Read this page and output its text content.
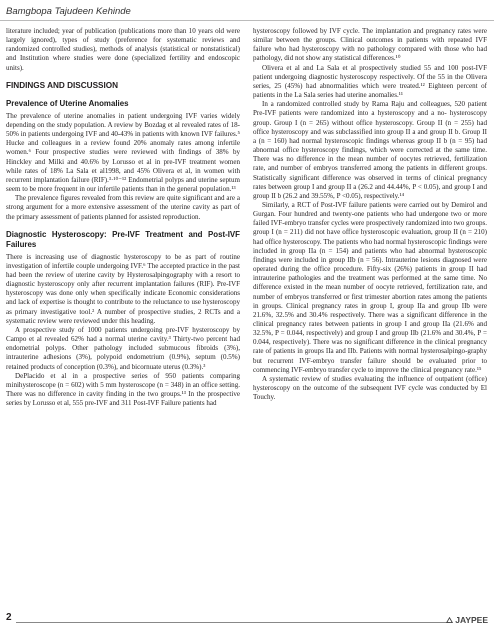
Bamgbopa Tajudeen Kehinde

literature included; year of publication (publications more than 10 years old were largely ignored), types of study (preference for systematic reviews and randomized controlled studies), methods of analysis (statistical or nonstatistical) and Institution where studies were done (specialized fertility and endoscopic units).

FINDINGS AND DISCUSSION
Prevalence of Uterine Anomalies

The prevalence of uterine anomalies in patient undergoing IVF varies widely depending on the study population. A review by Bozdag et al revealed rates of 18-50% in patients undergoing IVF and 40-43% in patients with known IVF failures.⁵ Hucke and colleagues in a review found 20% anomaly rates among infertile women.⁶ Four prospective studies were reviewed with findings of 38% by Hinckley and Milki and 40.6% by Lorusso et al in pre-IVF treatment women while rates of 18% La Sala et al1998, and 45% Olivera et al, in women with recurrent implantation failure (RIF).³·¹⁰⁻¹² Endometrial polyps and uterine septum seem to be more frequent in our infertile patients than in the general population.¹³

The prevalence figures revealed from this review are quite significant and are a strong argument for a more extensive assessment of the uterine cavity as part of the primary assessment of patients planned for assisted reproduction.

Diagnostic Hysteroscopy: Pre-IVF Treatment and Post-IVF Failures

There is increasing use of diagnostic hysteroscopy to be as part of routine investigation of infertile couple undergoing IVF.⁶ The accepted practice in the past had been the review of uterine cavity by Hysterosalpingography with a resort to diagnostic hysteroscopy only after recurrent implantation failures (RIF). Pre-IVF hysteroscopy was done only when specifically indicate Economic considerations and lack of expertise is thought to contribute to the reluctance to use hysteroscopy as primary investigative tool.² A number of prospective studies, 2 RCTs and a systematic review were reviewed under this heading.

A prospective study of 1000 patients undergoing pre-IVF hysteroscopy by Campo et al revealed 62% had a normal uterine cavity.³ Thirty-two percent had endometrial polyps. Other pathology included submucous fibroids (3%), intrauterine adhesions (3%), polypoid endometrium (0.9%), septum (0.5%) retained products of conception (0.3%), and bicornuate uterus (0.3%).³

DePlacido et al in a prospective series of 950 patients comparing minihysteroscope (n = 602) with 5 mm hysteroscope (n = 348) in an office setting. There was no difference in cavity finding in the two groups.¹³ In the prospective series by Lorusso et al, 555 pre-IVF and 311 Post-IVF Failure patients had

hysteroscopy followed by IVF cycle. The implantation and pregnancy rates were similar between the groups. Clinical outcomes in patients with repeated IVF failure who had hysteroscopy with no pathology compared with those who had pathology, did not show any statistical differences.¹⁰

Olivera et al and La Sala et al prospectively studied 55 and 100 post-IVF patient undergoing diagnostic hysteroscopy respectively. Of the 55 in the Olivera series, 25 (45%) had abnormalities which were treated.¹² Eighteen percent of patients in the La Sala series had uterine anomalies.¹¹

In a randomized controlled study by Rama Raju and colleagues, 520 patient Pre-IVF patients were randomized into a hysteroscopy and a no- hysteroscopy group. Group I (n = 265) without office hysteroscopy. Group II (n = 255) had office hysteroscopy and was subclassified into group II a and group II b. Group II a (n = 160) had normal hysteroscopic findings whereas group II b (n = 95) had abnormal office hysteroscopy findings, which were corrected at the same time. There was no difference in the mean number of oocytes retrieved, fertilization rate, and number of embryos transferred among the patients in different groups. Statistically significant difference was observed in terms of clinical pregnancy rates between group I and group II a (26.2 and 44.44%, P < 0.05), and group I and group II b (26.2 and 39.55%, P <0.05), respectively.¹⁴

Similarly, a RCT of Post-IVF failure patients were carried out by Demirol and Gurgan. Four hundred and twenty-one patients who had undergone two or more failed IVF-embryo transfer cycles were prospectively randomized into two groups. group I (n = 211) did not have office hysteroscopic evaluation, group II (n = 210) had office hysteroscopy. The patients who had normal hysteroscopic findings were included in group IIa (n = 154) and patients who had abnormal hysteroscopic findings were included in group IIb (n = 56). Intrauterine lesions diagnosed were operated during the office procedure. Fifty-six (26%) patients in group II had intrauterine pathologies and the treatment was performed at the same time. No difference existed in the mean number of oocyte retrieved, fertilization rate, and number of embryos transferred or first trimester abortion rates among the patients in groups. Clinical pregnancy rates in group I, group IIa and group IIb were 21.6%, 32.5% and 30.4% respectively. There was a significant difference in the clinical pregnancy rates between patients in group I and group IIa (21.6% and 32.5%, P = 0.044, respectively) and group I and group IIb (21.6% and 30.4%, P = 0.044, respectively). There was no significant difference in the clinical pregnancy rate of patients in groups IIa and IIb. Patients with normal hysterosalpingo-graphy but recurrent IVF-embryo transfer failure should be evaluated prior to commencing IVF-embryo transfer cycle to improve the clinical pregnancy rate.¹⁵

A systematic review of studies evaluating the influence of outpatient (office) hysteroscopy on the outcome of the subsequent IVF cycle was conducted by El Touchy.

2	JAYPEE
